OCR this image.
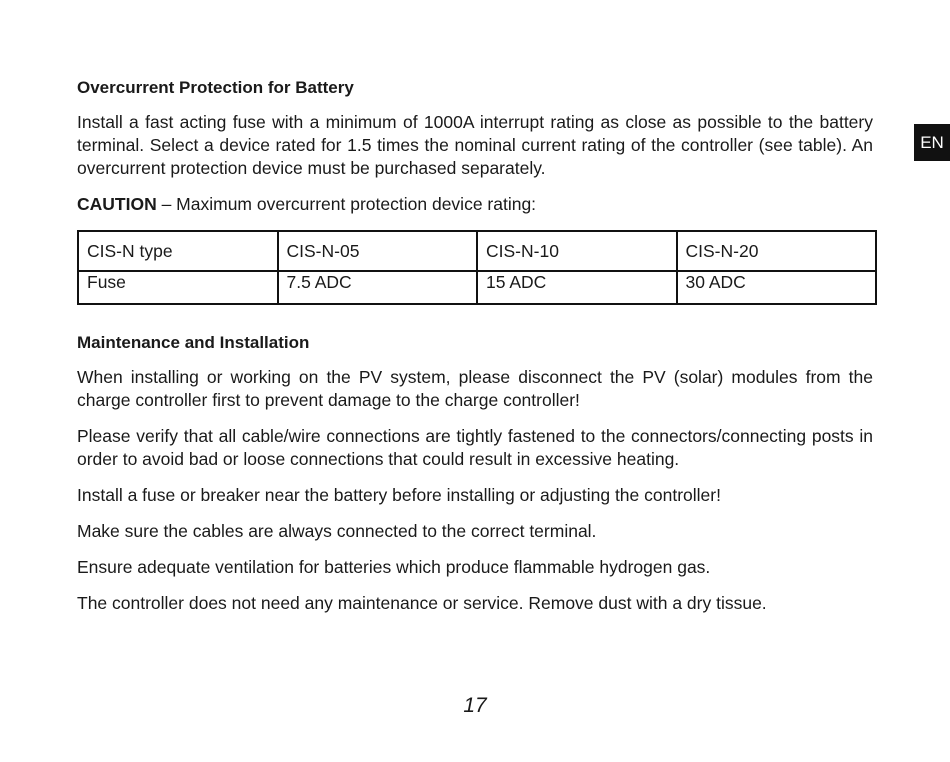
EN
Overcurrent Protection for Battery

Install a fast acting fuse with a minimum of 1000A interrupt rating as close as possible to the battery terminal. Select a device rated for 1.5 times the nominal current rating of the controller (see table). An overcurrent protection device must be purchased separately.

CAUTION – Maximum overcurrent protection device rating:

CIS-N type	CIS-N-05	CIS-N-10	CIS-N-20
Fuse	7.5 ADC	15 ADC	30 ADC
Maintenance and Installation

When installing or working on the PV system, please disconnect the PV (solar) modules from the charge controller first to prevent damage to the charge controller!

Please verify that all cable/wire connections are tightly fastened to the connectors/connecting posts in order to avoid bad or loose connections that could result in excessive heating.

Install a fuse or breaker near the battery before installing or adjusting the controller!

Make sure the cables are always connected to the correct terminal.

Ensure adequate ventilation for batteries which produce flammable hydrogen gas.

The controller does not need any maintenance or service. Remove dust with a dry tissue.

17
